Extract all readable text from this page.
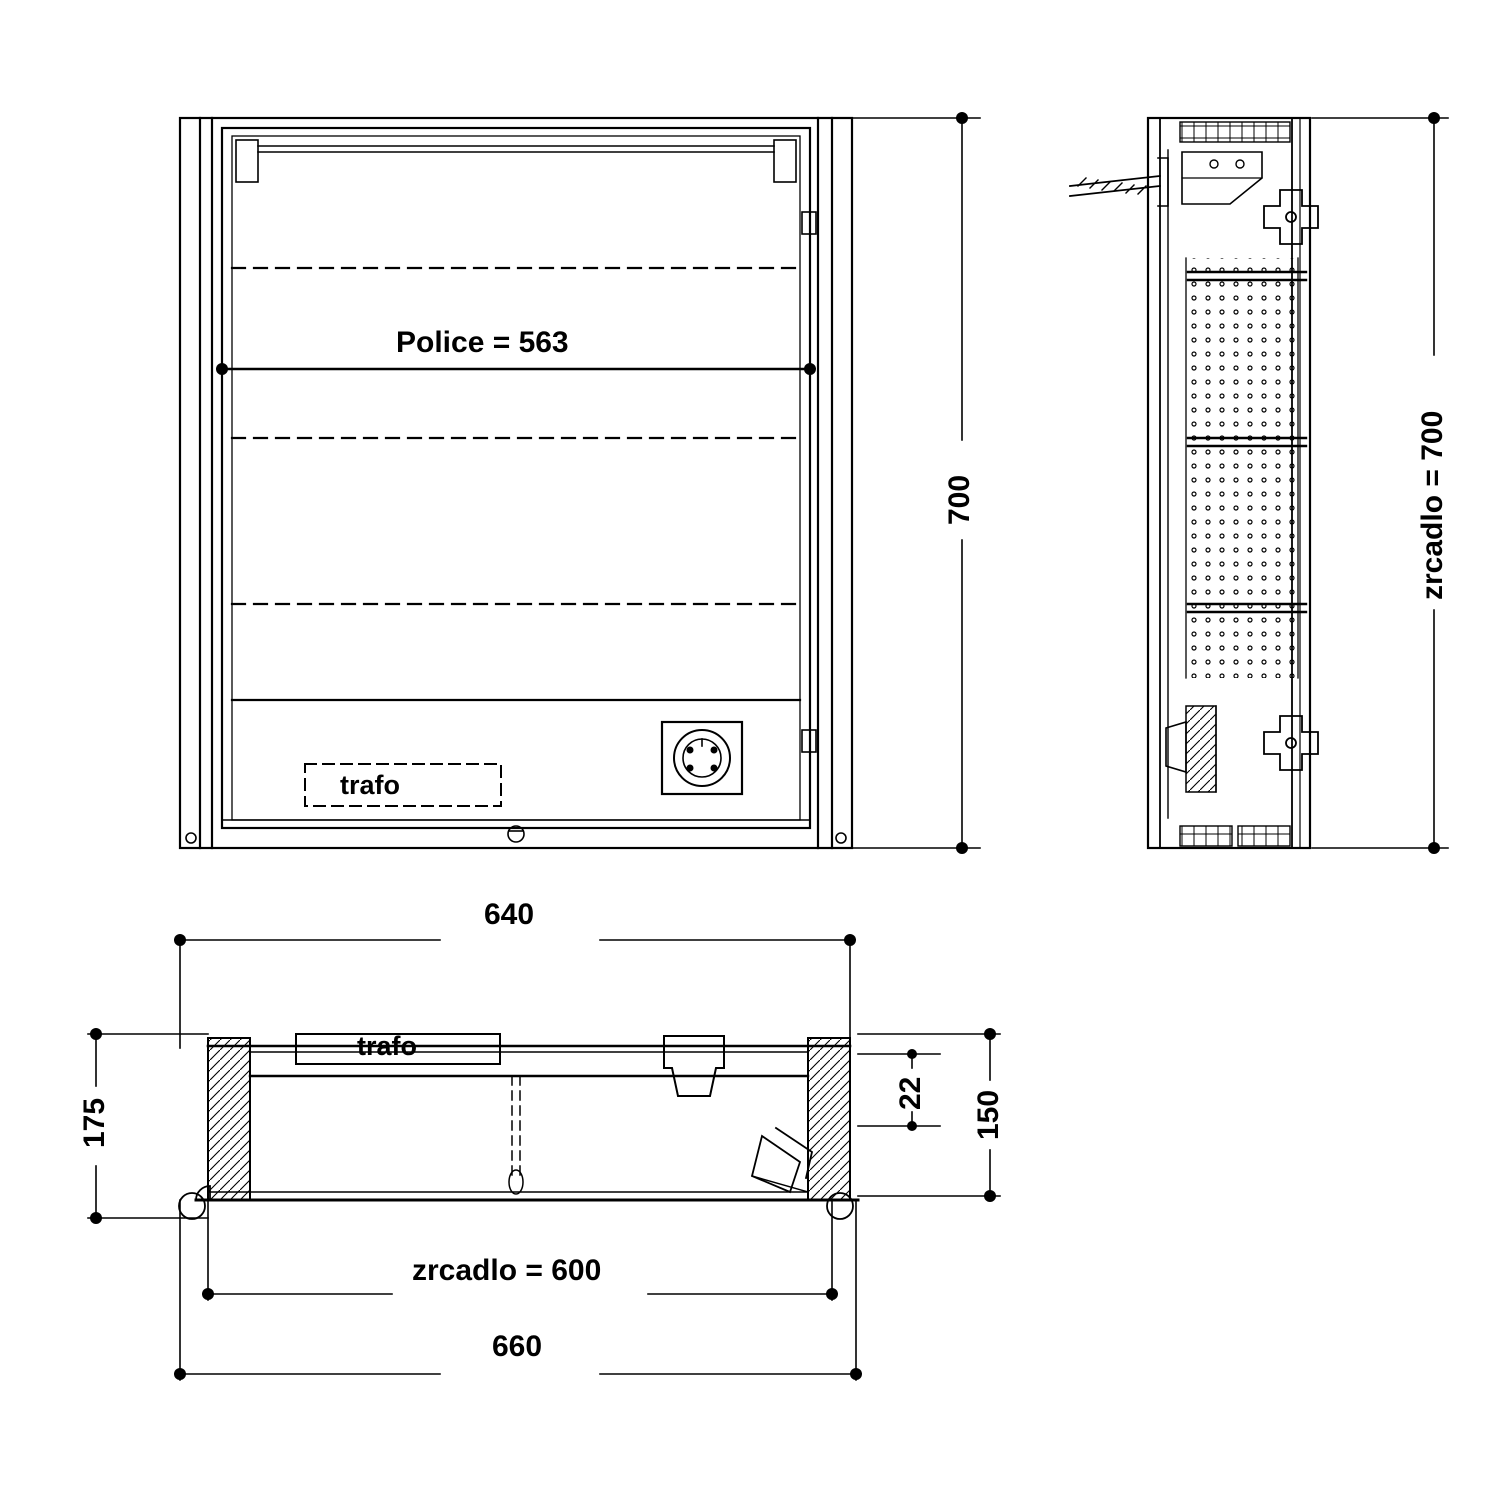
Police = 563
trafo
700	zrcadlo = 700
640
trafo
zrcadlo = 600
660
175	150
22
